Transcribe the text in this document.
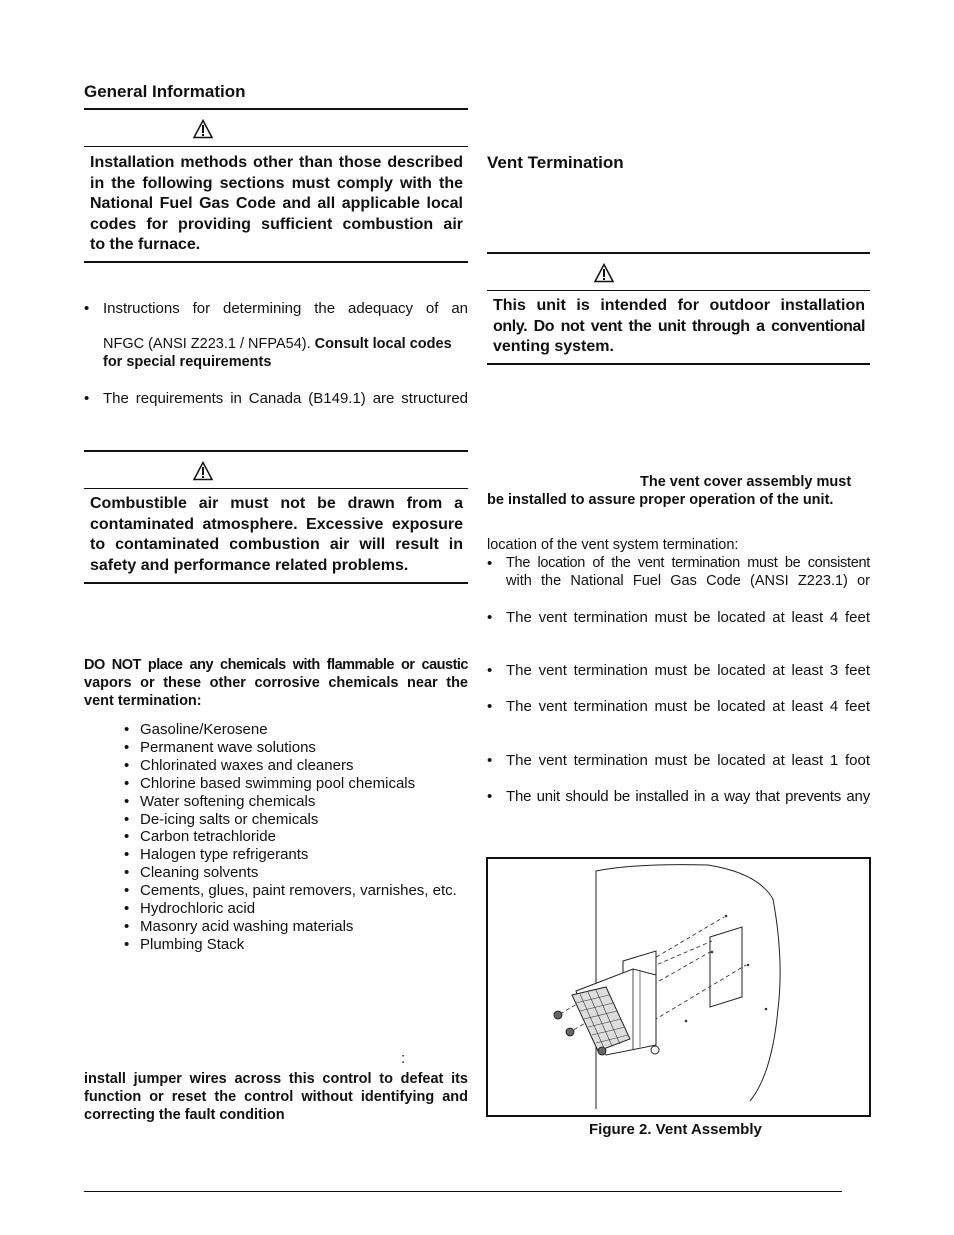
General Information
Installation methods other than those described
in the following sections must comply with the
National Fuel Gas Code and all applicable local
codes for providing sufficient combustion air
to the furnace.
• Instructions for determining the adequacy of an
NFGC (ANSI Z223.1 / NFPA54). Consult local codes
for special requirements
• The requirements in Canada (B149.1) are structured
Combustible air must not be drawn from a
contaminated atmosphere. Excessive exposure
to contaminated combustion air will result in
safety and performance related problems.
DO NOT place any chemicals with flammable or caustic
vapors or these other corrosive chemicals near the
vent termination:
• Gasoline/Kerosene
• Permanent wave solutions
• Chlorinated waxes and cleaners
• Chlorine based swimming pool chemicals
• Water softening chemicals
• De-icing salts or chemicals
• Carbon tetrachloride
• Halogen type refrigerants
• Cleaning solvents
• Cements, glues, paint removers, varnishes, etc.
• Hydrochloric acid
• Masonry acid washing materials
• Plumbing Stack
:
install jumper wires across this control to defeat its
function or reset the control without identifying and
correcting the fault condition
Vent Termination
This unit is intended for outdoor installation
only. Do not vent the unit through a conventional
venting system.
The vent cover assembly must
be installed to assure proper operation of the unit.
location of the vent system termination:
• The location of the vent termination must be consistent
with the National Fuel Gas Code (ANSI Z223.1) or
• The vent termination must be located at least 4 feet
• The vent termination must be located at least 3 feet
• The vent termination must be located at least 4 feet
• The vent termination must be located at least 1 foot
• The unit should be installed in a way that prevents any
Figure 2. Vent Assembly
